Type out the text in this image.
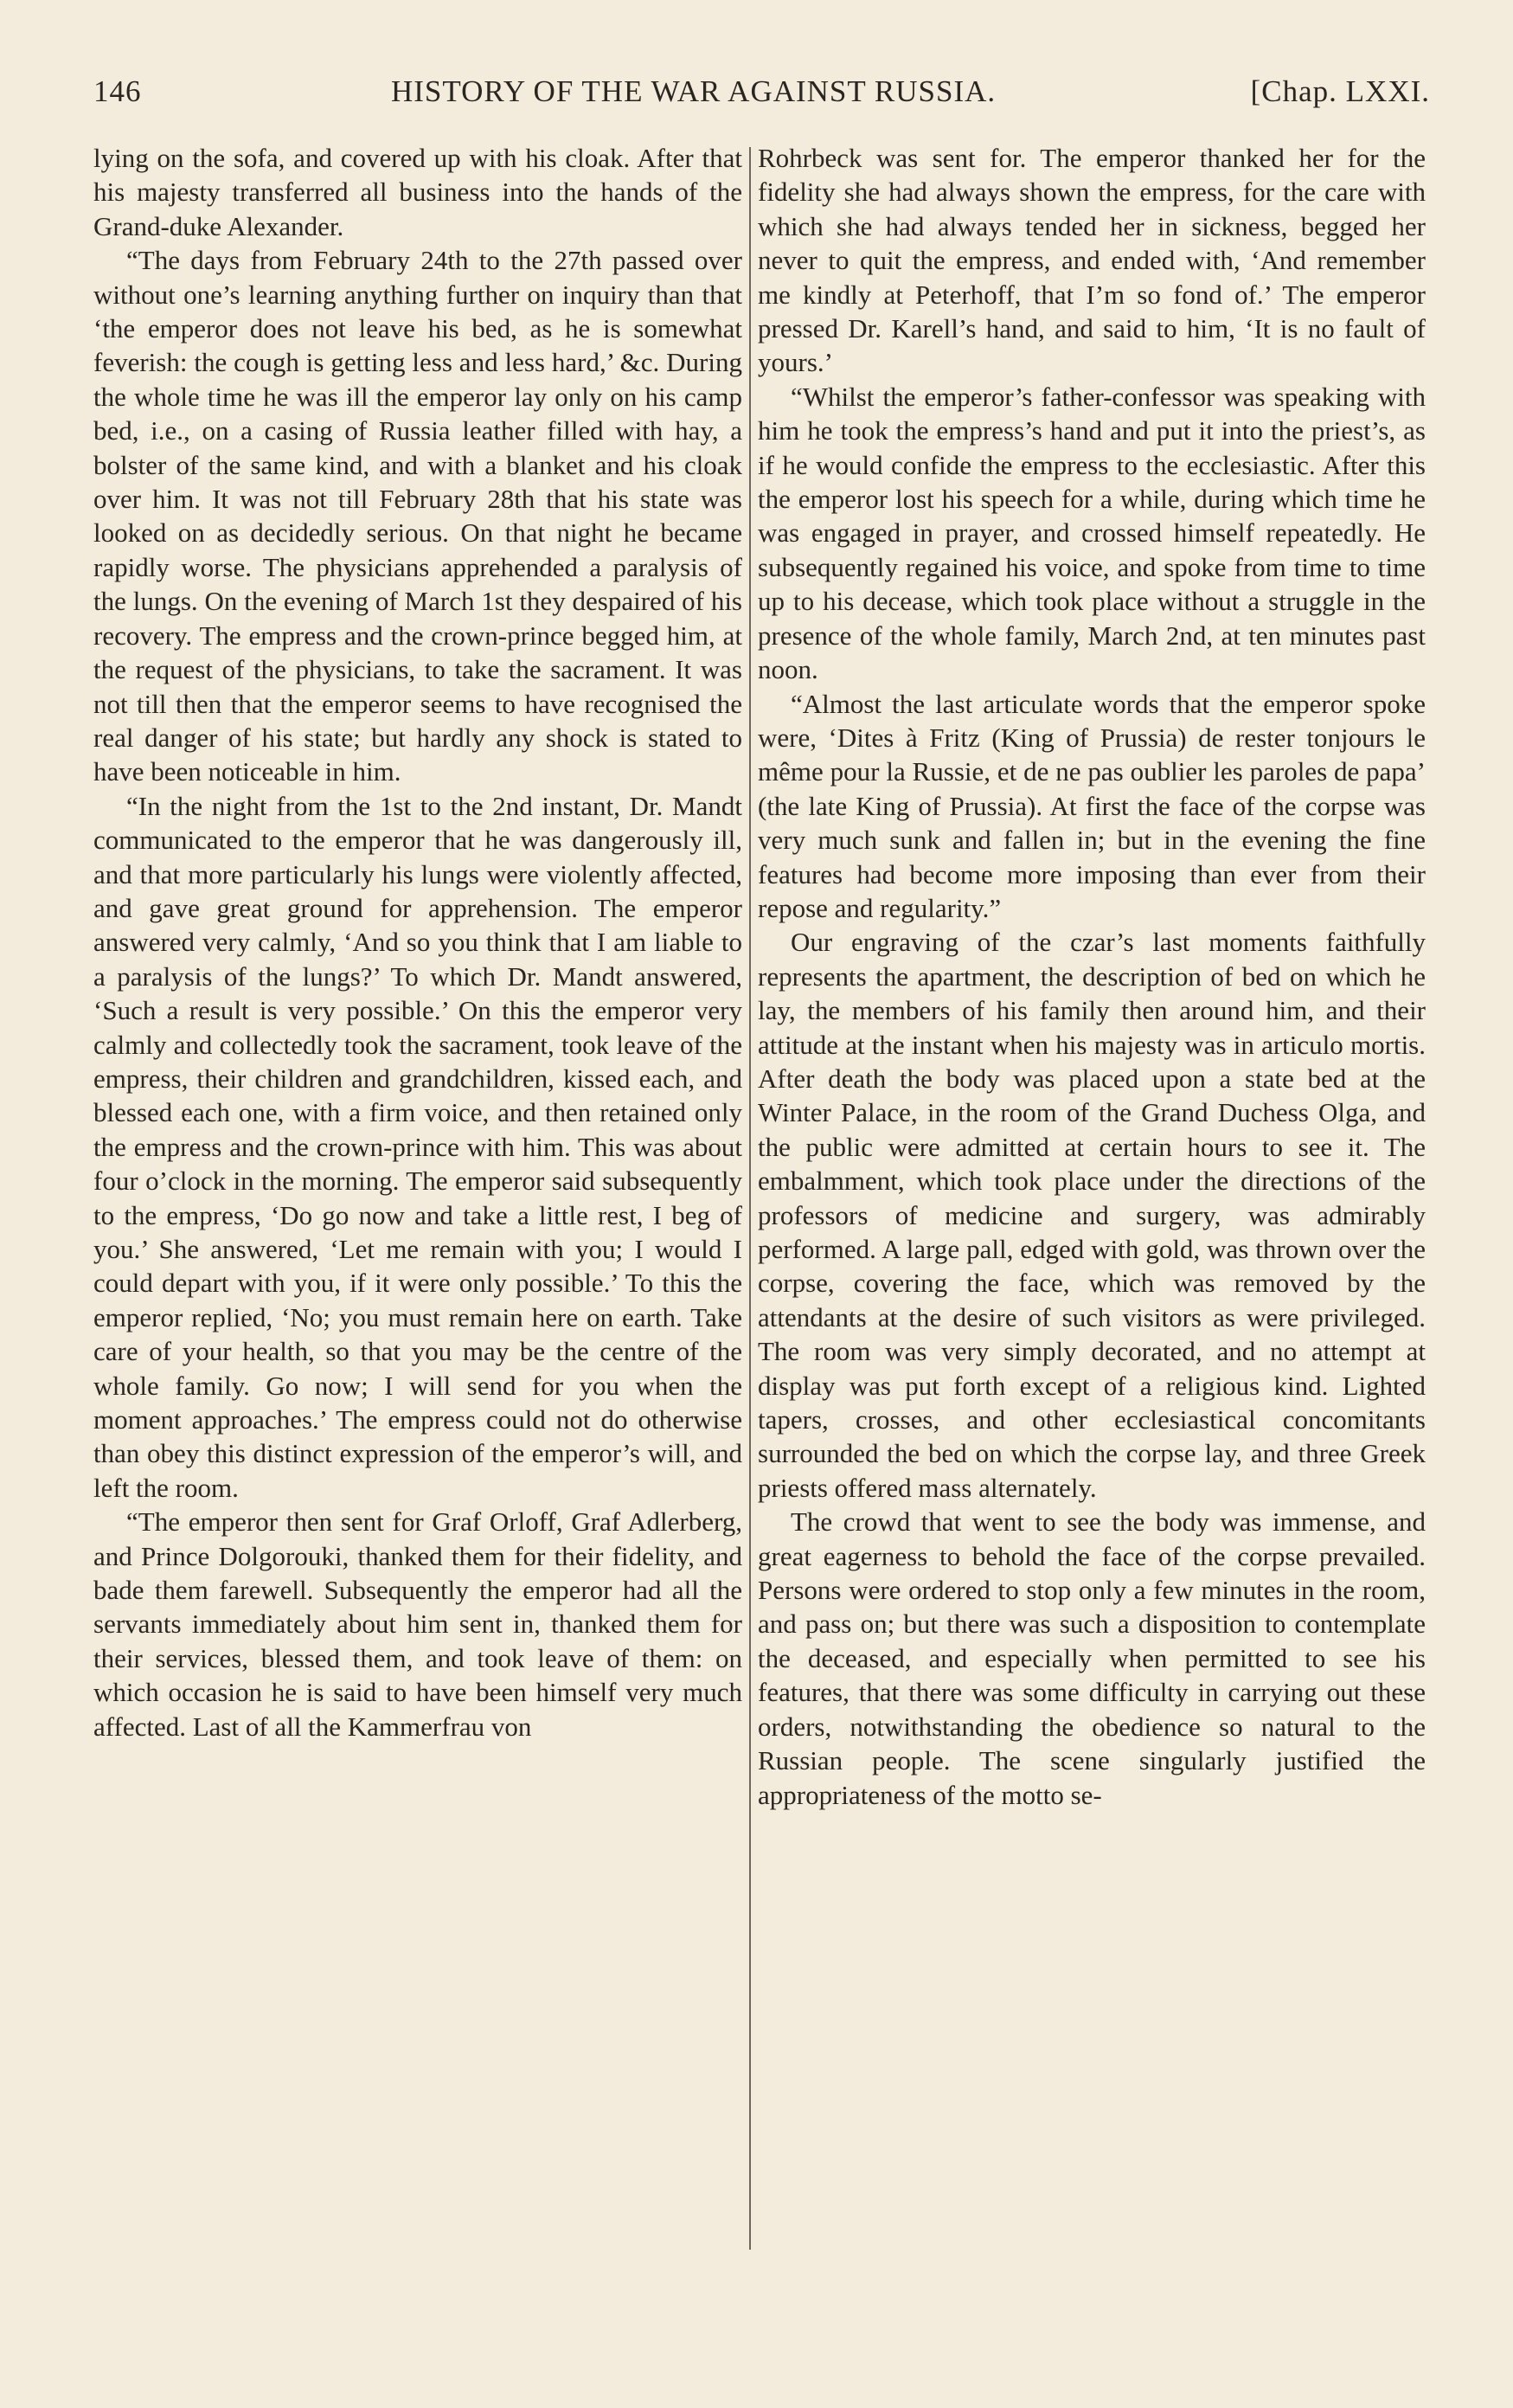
146	HISTORY OF THE WAR AGAINST RUSSIA.	[Chap. LXXI.

lying on the sofa, and covered up with his cloak. After that his majesty transferred all business into the hands of the Grand-duke Alexander.

“The days from February 24th to the 27th passed over without one’s learning anything further on inquiry than that ‘the emperor does not leave his bed, as he is somewhat feverish: the cough is getting less and less hard,’ &c. During the whole time he was ill the emperor lay only on his camp bed, i.e., on a casing of Russia leather filled with hay, a bolster of the same kind, and with a blanket and his cloak over him. It was not till February 28th that his state was looked on as decidedly serious. On that night he became rapidly worse. The physicians apprehended a paralysis of the lungs. On the evening of March 1st they despaired of his recovery. The empress and the crown-prince begged him, at the request of the physicians, to take the sacrament. It was not till then that the emperor seems to have recognised the real danger of his state; but hardly any shock is stated to have been noticeable in him.

“In the night from the 1st to the 2nd instant, Dr. Mandt communicated to the emperor that he was dangerously ill, and that more particularly his lungs were violently affected, and gave great ground for apprehension. The emperor answered very calmly, ‘And so you think that I am liable to a paralysis of the lungs?’ To which Dr. Mandt answered, ‘Such a result is very possible.’ On this the emperor very calmly and collectedly took the sacrament, took leave of the empress, their children and grandchildren, kissed each, and blessed each one, with a firm voice, and then retained only the empress and the crown-prince with him. This was about four o’clock in the morning. The emperor said subsequently to the empress, ‘Do go now and take a little rest, I beg of you.’ She answered, ‘Let me remain with you; I would I could depart with you, if it were only possible.’ To this the emperor replied, ‘No; you must remain here on earth. Take care of your health, so that you may be the centre of the whole family. Go now; I will send for you when the moment approaches.’ The empress could not do otherwise than obey this distinct expression of the emperor’s will, and left the room.

“The emperor then sent for Graf Orloff, Graf Adlerberg, and Prince Dolgorouki, thanked them for their fidelity, and bade them farewell. Subsequently the emperor had all the servants immediately about him sent in, thanked them for their services, blessed them, and took leave of them: on which occasion he is said to have been himself very much affected. Last of all the Kammerfrau von

Rohrbeck was sent for. The emperor thanked her for the fidelity she had always shown the empress, for the care with which she had always tended her in sickness, begged her never to quit the empress, and ended with, ‘And remember me kindly at Peterhoff, that I’m so fond of.’ The emperor pressed Dr. Karell’s hand, and said to him, ‘It is no fault of yours.’

“Whilst the emperor’s father-confessor was speaking with him he took the empress’s hand and put it into the priest’s, as if he would confide the empress to the ecclesiastic. After this the emperor lost his speech for a while, during which time he was engaged in prayer, and crossed himself repeatedly. He subsequently regained his voice, and spoke from time to time up to his decease, which took place without a struggle in the presence of the whole family, March 2nd, at ten minutes past noon.

“Almost the last articulate words that the emperor spoke were, ‘Dites à Fritz (King of Prussia) de rester tonjours le même pour la Russie, et de ne pas oublier les paroles de papa’ (the late King of Prussia). At first the face of the corpse was very much sunk and fallen in; but in the evening the fine features had become more imposing than ever from their repose and regularity.”

Our engraving of the czar’s last moments faithfully represents the apartment, the description of bed on which he lay, the members of his family then around him, and their attitude at the instant when his majesty was in articulo mortis. After death the body was placed upon a state bed at the Winter Palace, in the room of the Grand Duchess Olga, and the public were admitted at certain hours to see it. The embalmment, which took place under the directions of the professors of medicine and surgery, was admirably performed. A large pall, edged with gold, was thrown over the corpse, covering the face, which was removed by the attendants at the desire of such visitors as were privileged. The room was very simply decorated, and no attempt at display was put forth except of a religious kind. Lighted tapers, crosses, and other ecclesiastical concomitants surrounded the bed on which the corpse lay, and three Greek priests offered mass alternately.

The crowd that went to see the body was immense, and great eagerness to behold the face of the corpse prevailed. Persons were ordered to stop only a few minutes in the room, and pass on; but there was such a disposition to contemplate the deceased, and especially when permitted to see his features, that there was some difficulty in carrying out these orders, notwithstanding the obedience so natural to the Russian people. The scene singularly justified the appropriateness of the motto se-
